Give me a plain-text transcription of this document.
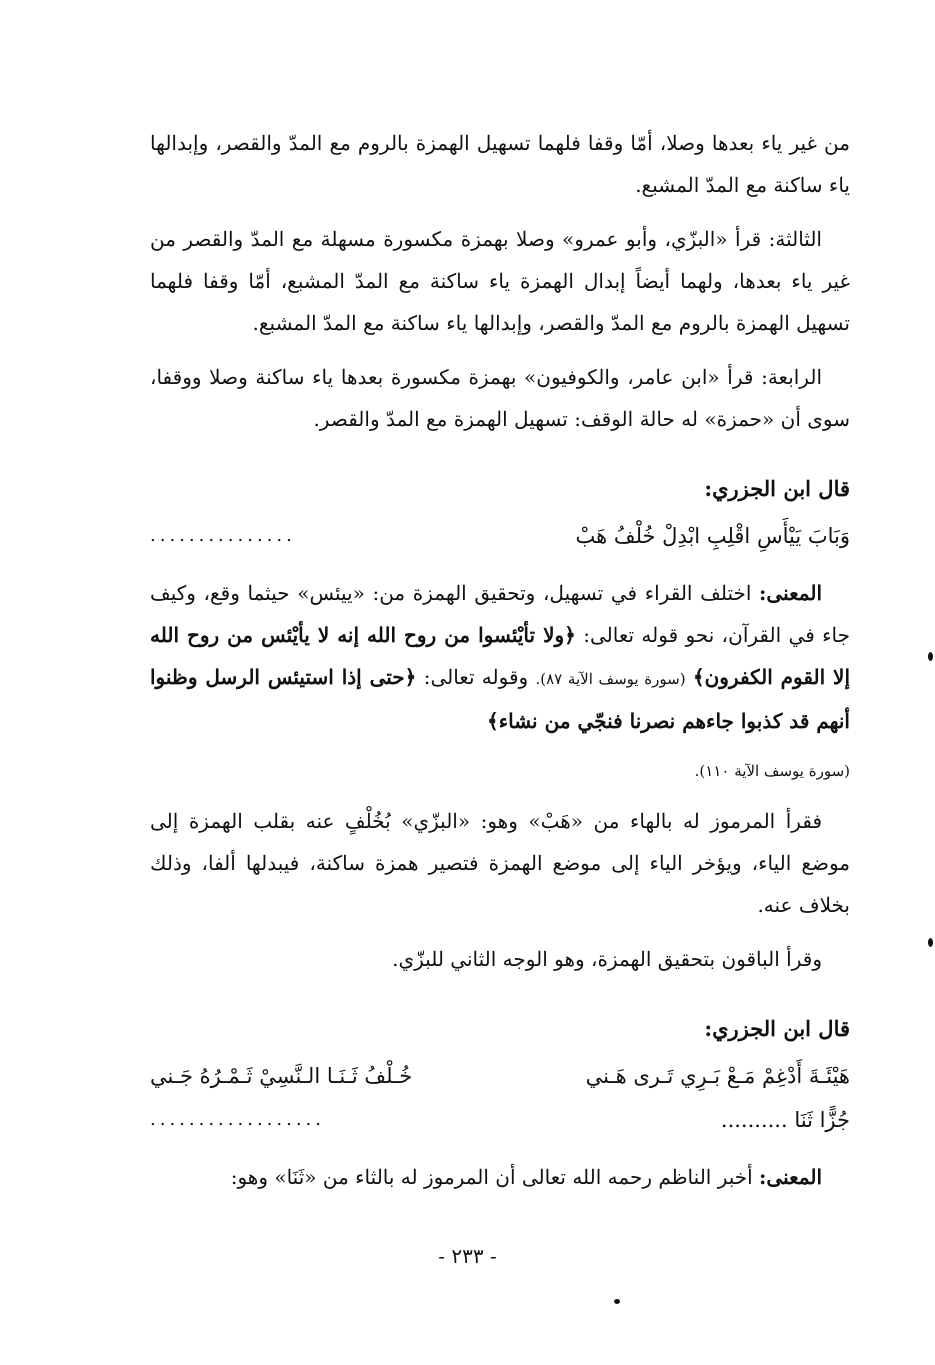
من غير ياء بعدها وصلا، أمّا وقفا فلهما تسهيل الهمزة بالروم مع المدّ والقصر، وإبدالها ياء ساكنة مع المدّ المشبع.

الثالثة: قرأ «البزّي، وأبو عمرو» وصلا بهمزة مكسورة مسهلة مع المدّ والقصر من غير ياء بعدها، ولهما أيضاً إبدال الهمزة ياء ساكنة مع المدّ المشبع، أمّا وقفا فلهما تسهيل الهمزة بالروم مع المدّ والقصر، وإبدالها ياء ساكنة مع المدّ المشبع.

الرابعة: قرأ «ابن عامر، والكوفيون» بهمزة مكسورة بعدها ياء ساكنة وصلا ووقفا، سوى أن «حمزة» له حالة الوقف: تسهيل الهمزة مع المدّ والقصر.

قال ابن الجزري:
وَبَابَ يَيْأَسِ اقْلِبِ ابْدِلْ خُلْفُ هَبْ
...............

المعنى: اختلف القراء في تسهيل، وتحقيق الهمزة من: «ييئس» حيثما وقع، وكيف جاء في القرآن، نحو قوله تعالى: ﴿ولا تأيْئسوا من روح الله إنه لا يأيْئس من روح الله إلا القوم الكفرون﴾ (سورة يوسف الآية ٨٧). وقوله تعالى: ﴿حتى إذا استيئس الرسل وظنوا أنهم قد كذبوا جاءهم نصرنا فنجّي من نشاء﴾

(سورة يوسف الآية ١١٠).

فقرأ المرموز له بالهاء من «هَبْ» وهو: «البزّي» بُخُلْفٍ عنه بقلب الهمزة إلى موضع الياء، ويؤخر الياء إلى موضع الهمزة فتصير همزة ساكنة، فيبدلها ألفا، وذلك بخلاف عنه.

وقرأ الباقون بتحقيق الهمزة، وهو الوجه الثاني للبزّي.

قال ابن الجزري:
هَيْئَـةَ أَدْغِمْ مَـعْ بَـرِي تَـرى هَـني
خُـلْفُ ثَـنَـا الـنَّسِيْ ثَـمْـرُهُ جَـني
جُزًّا ثَنَا ..........
..................

المعنى: أخبر الناظم رحمه الله تعالى أن المرموز له بالثاء من «ثَنَا» وهو:

- ٢٣٣ -
